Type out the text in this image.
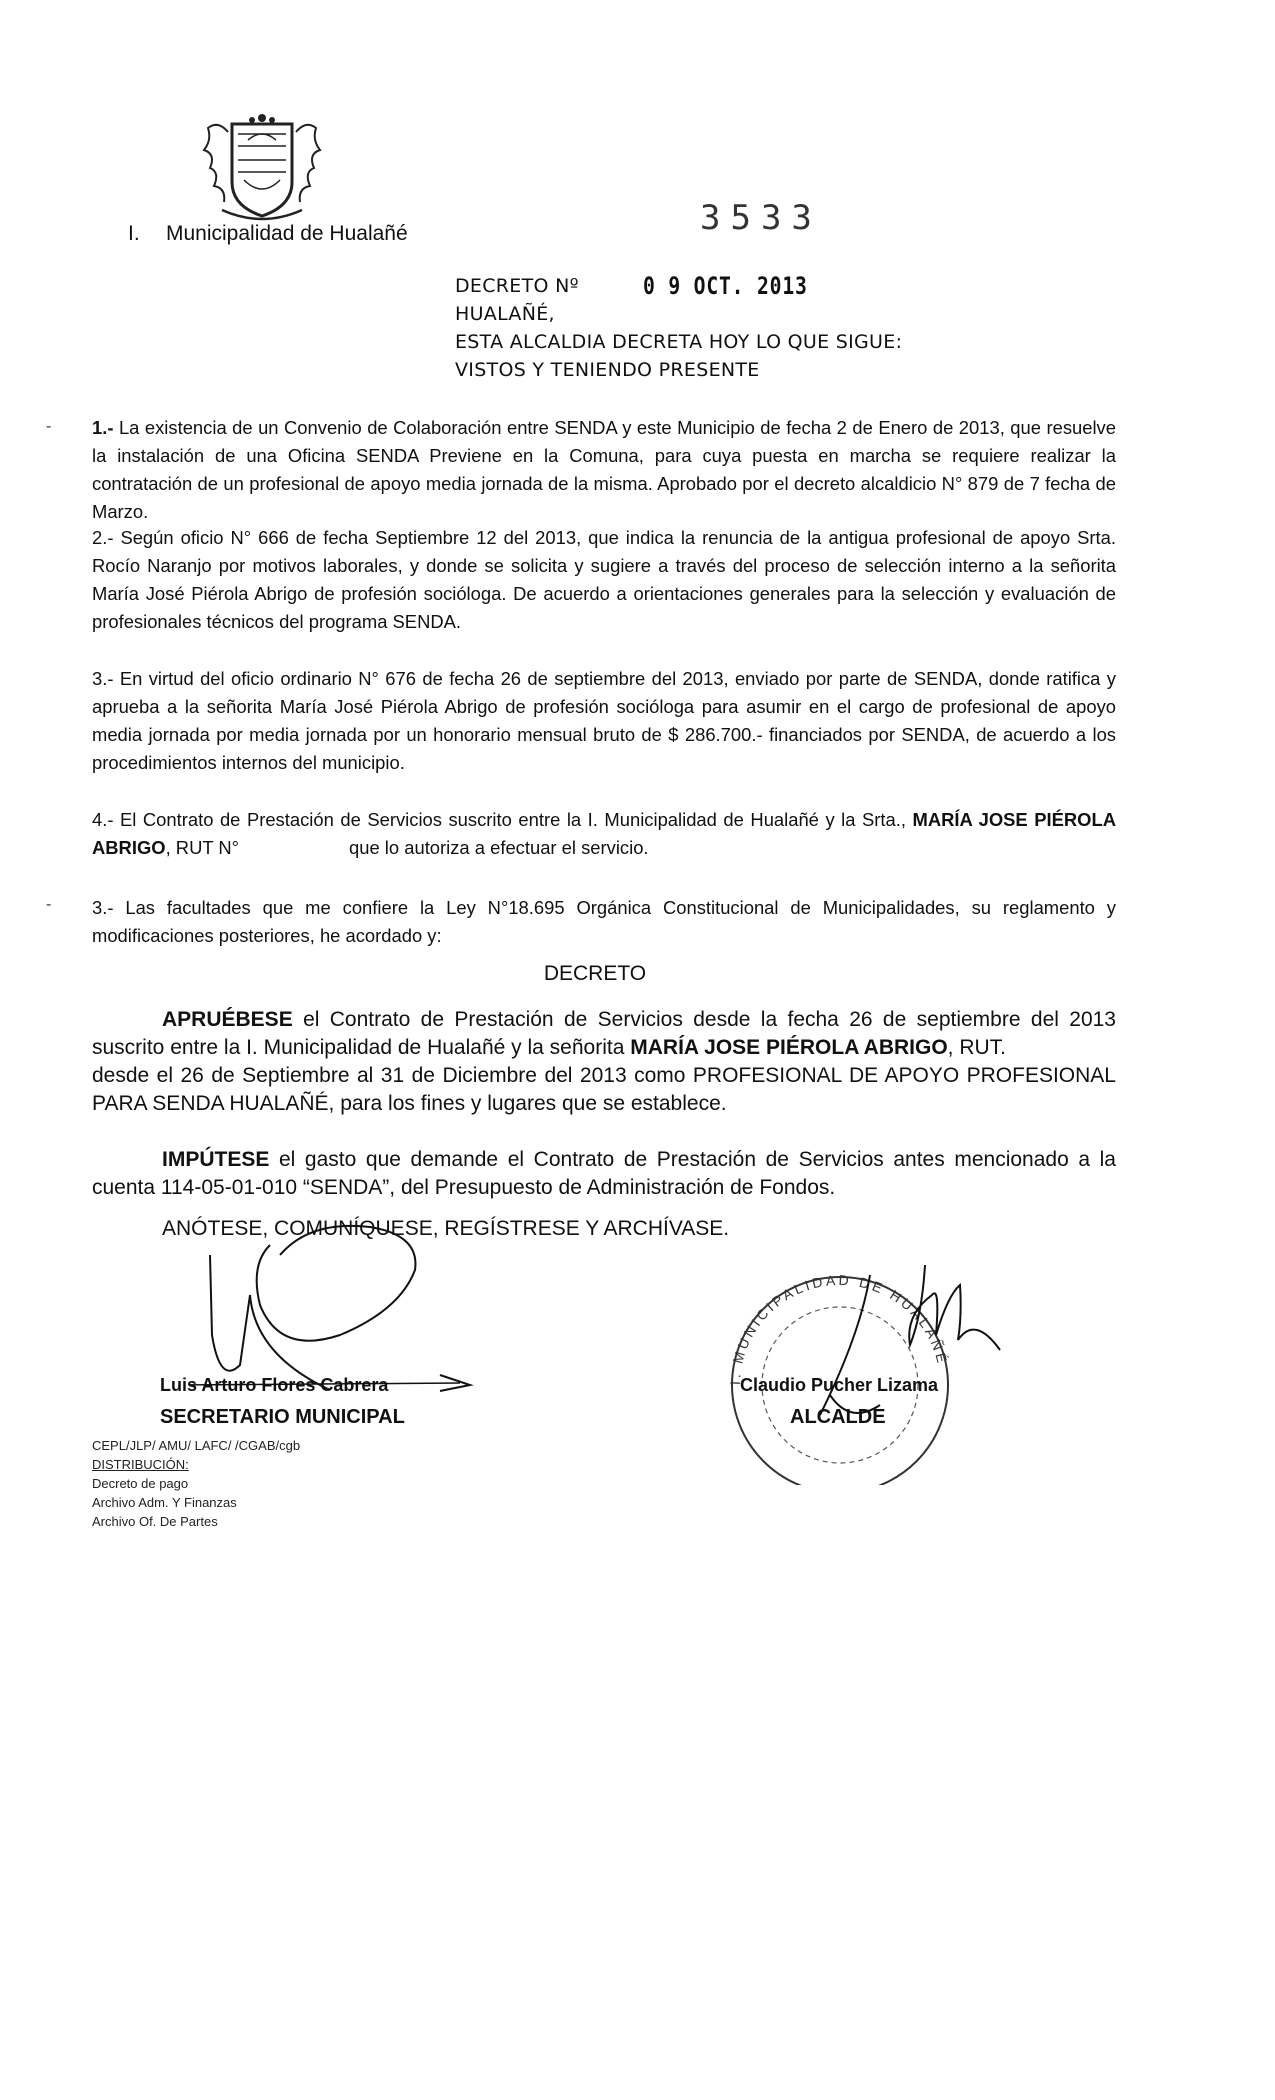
I. Municipalidad de Hualañé	3533
DECRETO Nº	0 9 OCT. 2013
HUALAÑÉ,
ESTA ALCALDIA DECRETA HOY LO QUE SIGUE:
VISTOS Y TENIENDO PRESENTE
- 1.- La existencia de un Convenio de Colaboración entre SENDA y este Municipio de fecha 2 de Enero de 2013, que resuelve la instalación de una Oficina SENDA Previene en la Comuna, para cuya puesta en marcha se requiere realizar la contratación de un profesional de apoyo media jornada de la misma. Aprobado por el decreto alcaldicio N° 879 de 7 fecha de Marzo.
2.- Según oficio N° 666 de fecha Septiembre 12 del 2013, que indica la renuncia de la antigua profesional de apoyo Srta. Rocío Naranjo por motivos laborales, y donde se solicita y sugiere a través del proceso de selección interno a la señorita María José Piérola Abrigo de profesión socióloga. De acuerdo a orientaciones generales para la selección y evaluación de profesionales técnicos del programa SENDA.
3.- En virtud del oficio ordinario N° 676 de fecha 26 de septiembre del 2013, enviado por parte de SENDA, donde ratifica y aprueba a la señorita María José Piérola Abrigo de profesión socióloga para asumir en el cargo de profesional de apoyo media jornada por media jornada por un honorario mensual bruto de $ 286.700.- financiados por SENDA, de acuerdo a los procedimientos internos del municipio.
4.- El Contrato de Prestación de Servicios suscrito entre la I. Municipalidad de Hualañé y la Srta., MARÍA JOSE PIÉROLA ABRIGO, RUT N°	que lo autoriza a efectuar el servicio.
- 3.- Las facultades que me confiere la Ley N°18.695 Orgánica Constitucional de Municipalidades, su reglamento y modificaciones posteriores, he acordado y:
DECRETO
APRUÉBESE el Contrato de Prestación de Servicios desde la fecha 26 de septiembre del 2013 suscrito entre la I. Municipalidad de Hualañé y la señorita MARÍA JOSE PIÉROLA ABRIGO, RUT. desde el 26 de Septiembre al 31 de Diciembre del 2013 como PROFESIONAL DE APOYO PROFESIONAL PARA SENDA HUALAÑÉ, para los fines y lugares que se establece.
IMPÚTESE el gasto que demande el Contrato de Prestación de Servicios antes mencionado a la cuenta 114-05-01-010 “SENDA”, del Presupuesto de Administración de Fondos.
ANÓTESE, COMUNÍQUESE, REGÍSTRESE Y ARCHÍVASE.
Luis Arturo Flores Cabrera
SECRETARIO MUNICIPAL
I. MUNICIPALIDAD DE HUALAÑÉ
Claudio Pucher Lizama
ALCALDE
CEPL/JLP/ AMU/ LAFC/ /CGAB/cgb
DISTRIBUCIÓN:
Decreto de pago
Archivo Adm. Y Finanzas
Archivo Of. De Partes
